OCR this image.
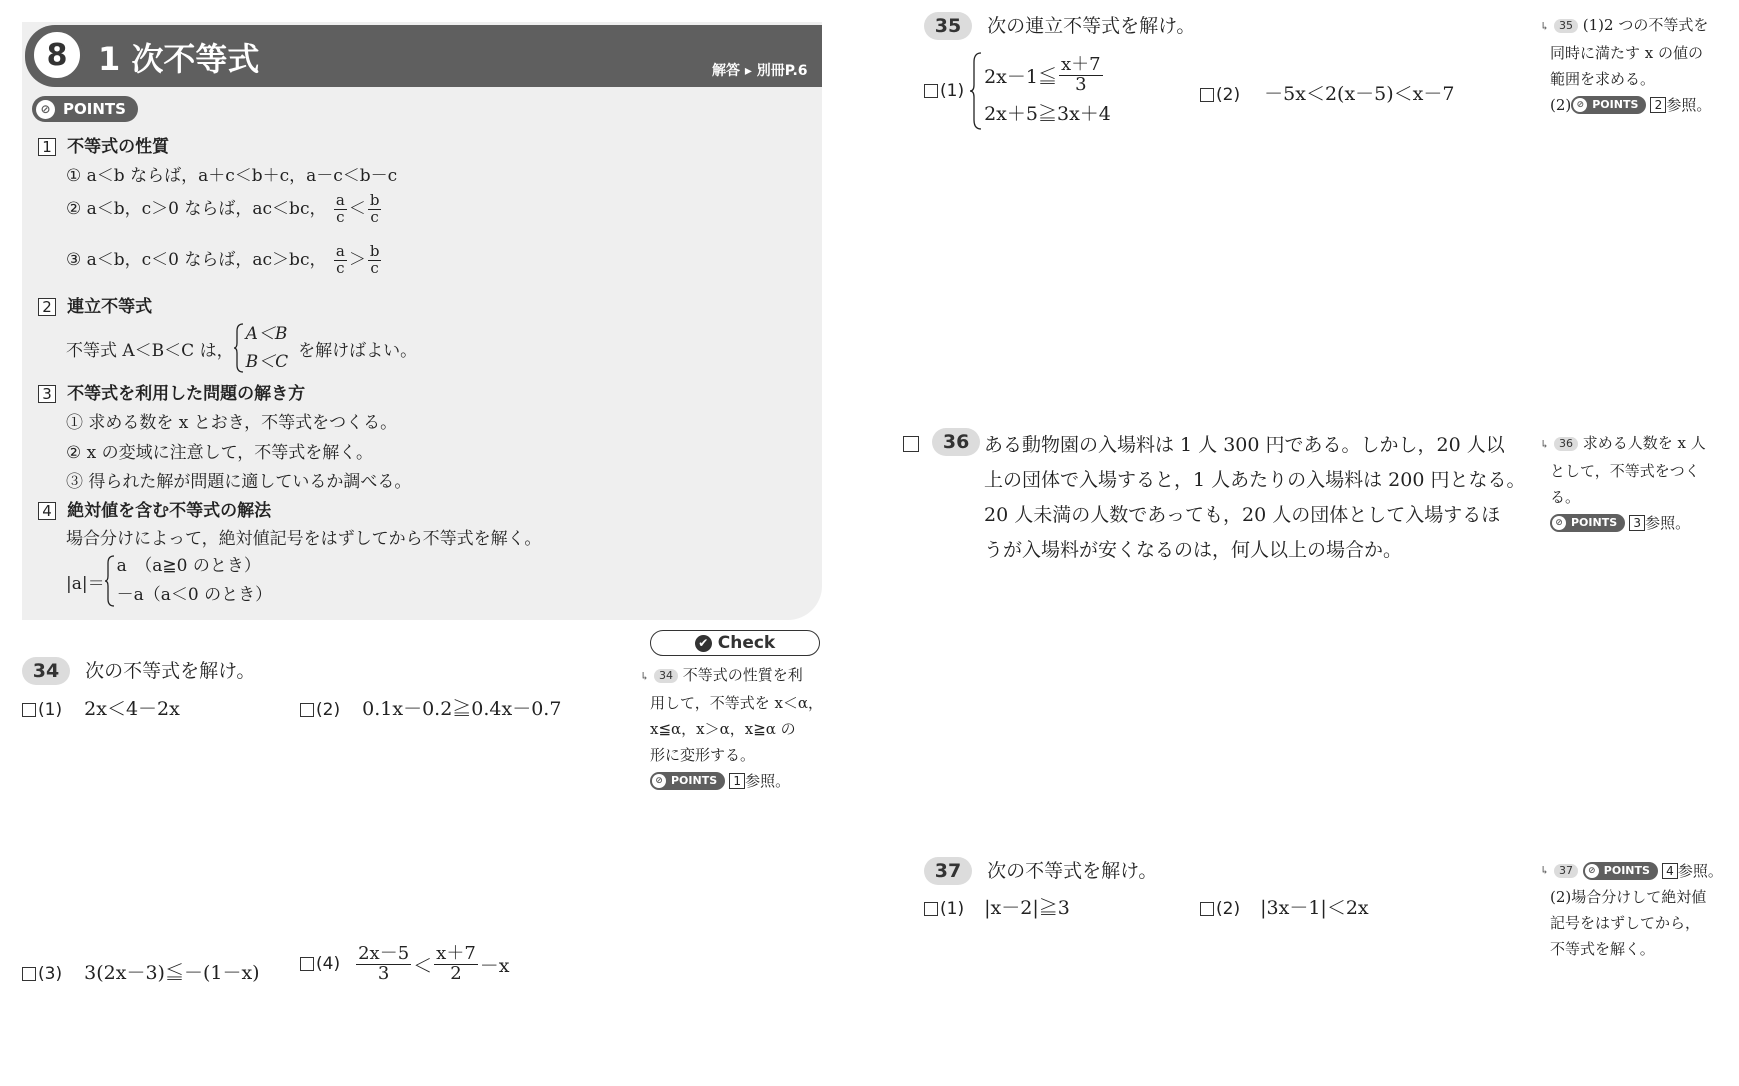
8 1 次不等式	解答 ▸ 別冊P.6
⊘ POINTS
1 不等式の性質
① a＜b ならば，a＋c＜b＋c，a－c＜b－c
② a＜b，c＞0 ならば，ac＜bc， $\frac{a}{c} < \frac{b}{c}$
③ a＜b，c＜0 ならば，ac＞bc， $\frac{a}{c} > \frac{b}{c}$
2 連立不等式
不等式 A＜B＜C は，
A＜B
B＜C
を解けばよい。
3 不等式を利用した問題の解き方
① 求める数を x とおき，不等式をつくる。
② x の変域に注意して，不等式を解く。
③ 得られた解が問題に適しているか調べる。
4 絶対値を含む不等式の解法
場合分けによって，絶対値記号をはずしてから不等式を解く。
|a|＝
a　（a≧0 のとき）
－a（a＜0 のとき）
34 次の不等式を解け。
(1) 2x＜4－2x	(2) 0.1x－0.2≧0.4x－0.7
(3) 3(2x－3)≦－(1－x)	$(4) \frac{2x-5}{3} < \frac{x+7}{2} -x$
✔ Check
↳ 34 不等式の性質を利
用して，不等式を x＜α，
x≦α，x＞α，x≧α の
形に変形する。
⊘ POINTS	1 参照。
35 次の連立不等式を解け。
(1)
2x－1≦ $\frac{x+7}{3}$
2x＋5≧3x＋4
(2) －5x＜2(x－5)＜x－7
↳ 35 (1)2 つの不等式を
同時に満たす x の値の
範囲を求める。
(2) ⊘ POINTS	2 参照。
36 ある動物園の入場料は 1 人 300 円である。しかし，20 人以
上の団体で入場すると，1 人あたりの入場料は 200 円となる。
20 人未満の人数であっても，20 人の団体として入場するほ
うが入場料が安くなるのは，何人以上の場合か。
↳ 36 求める人数を x 人
として，不等式をつく
る。
⊘ POINTS	3 参照。
37 次の不等式を解け。
(1) |x－2|≧3	(2) |3x－1|＜2x
↳
37
	⊘ POINTS	4 参照。
(2)場合分けして絶対値
記号をはずしてから，
不等式を解く。
